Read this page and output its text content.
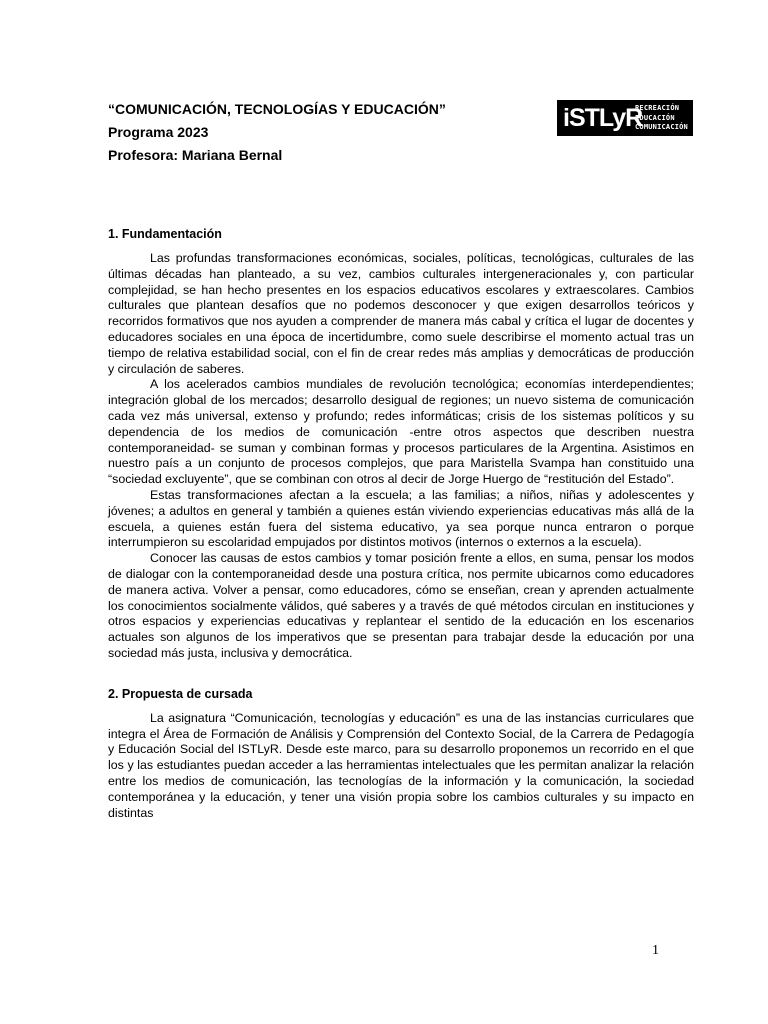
“COMUNICACIÓN, TECNOLOGÍAS Y EDUCACIÓN”

Programa 2023

Profesora: Mariana Bernal

iSTLyR
RECREACIÓN
EDUCACIÓN
COMUNICACIÓN
1. Fundamentación

Las profundas transformaciones económicas, sociales, políticas, tecnológicas, culturales de las últimas décadas han planteado, a su vez, cambios culturales intergeneracionales y, con particular complejidad, se han hecho presentes en los espacios educativos escolares y extraescolares. Cambios culturales que plantean desafíos que no podemos desconocer y que exigen desarrollos teóricos y recorridos formativos que nos ayuden a comprender de manera más cabal y crítica el lugar de docentes y educadores sociales en una época de incertidumbre, como suele describirse el momento actual tras un tiempo de relativa estabilidad social, con el fin de crear redes más amplias y democráticas de producción y circulación de saberes.

A los acelerados cambios mundiales de revolución tecnológica; economías interdependientes; integración global de los mercados; desarrollo desigual de regiones; un nuevo sistema de comunicación cada vez más universal, extenso y profundo; redes informáticas; crisis de los sistemas políticos y su dependencia de los medios de comunicación -entre otros aspectos que describen nuestra contemporaneidad- se suman y combinan formas y procesos particulares de la Argentina. Asistimos en nuestro país a un conjunto de procesos complejos, que para Maristella Svampa han constituido una “sociedad excluyente”, que se combinan con otros al decir de Jorge Huergo de “restitución del Estado”.

Estas transformaciones afectan a la escuela; a las familias; a niños, niñas y adolescentes y jóvenes; a adultos en general y también a quienes están viviendo experiencias educativas más allá de la escuela, a quienes están fuera del sistema educativo, ya sea porque nunca entraron o porque interrumpieron su escolaridad empujados por distintos motivos (internos o externos a la escuela).

Conocer las causas de estos cambios y tomar posición frente a ellos, en suma, pensar los modos de dialogar con la contemporaneidad desde una postura crítica, nos permite ubicarnos como educadores de manera activa. Volver a pensar, como educadores, cómo se enseñan, crean y aprenden actualmente los conocimientos socialmente válidos, qué saberes y a través de qué métodos circulan en instituciones y otros espacios y experiencias educativas y replantear el sentido de la educación en los escenarios actuales son algunos de los imperativos que se presentan para trabajar desde la educación por una sociedad más justa, inclusiva y democrática.

2. Propuesta de cursada

La asignatura “Comunicación, tecnologías y educación” es una de las instancias curriculares que integra el Área de Formación de Análisis y Comprensión del Contexto Social, de la Carrera de Pedagogía y Educación Social del ISTLyR. Desde este marco, para su desarrollo proponemos un recorrido en el que los y las estudiantes puedan acceder a las herramientas intelectuales que les permitan analizar la relación entre los medios de comunicación, las tecnologías de la información y la comunicación, la sociedad contemporánea y la educación, y tener una visión propia sobre los cambios culturales y su impacto en distintas

1
